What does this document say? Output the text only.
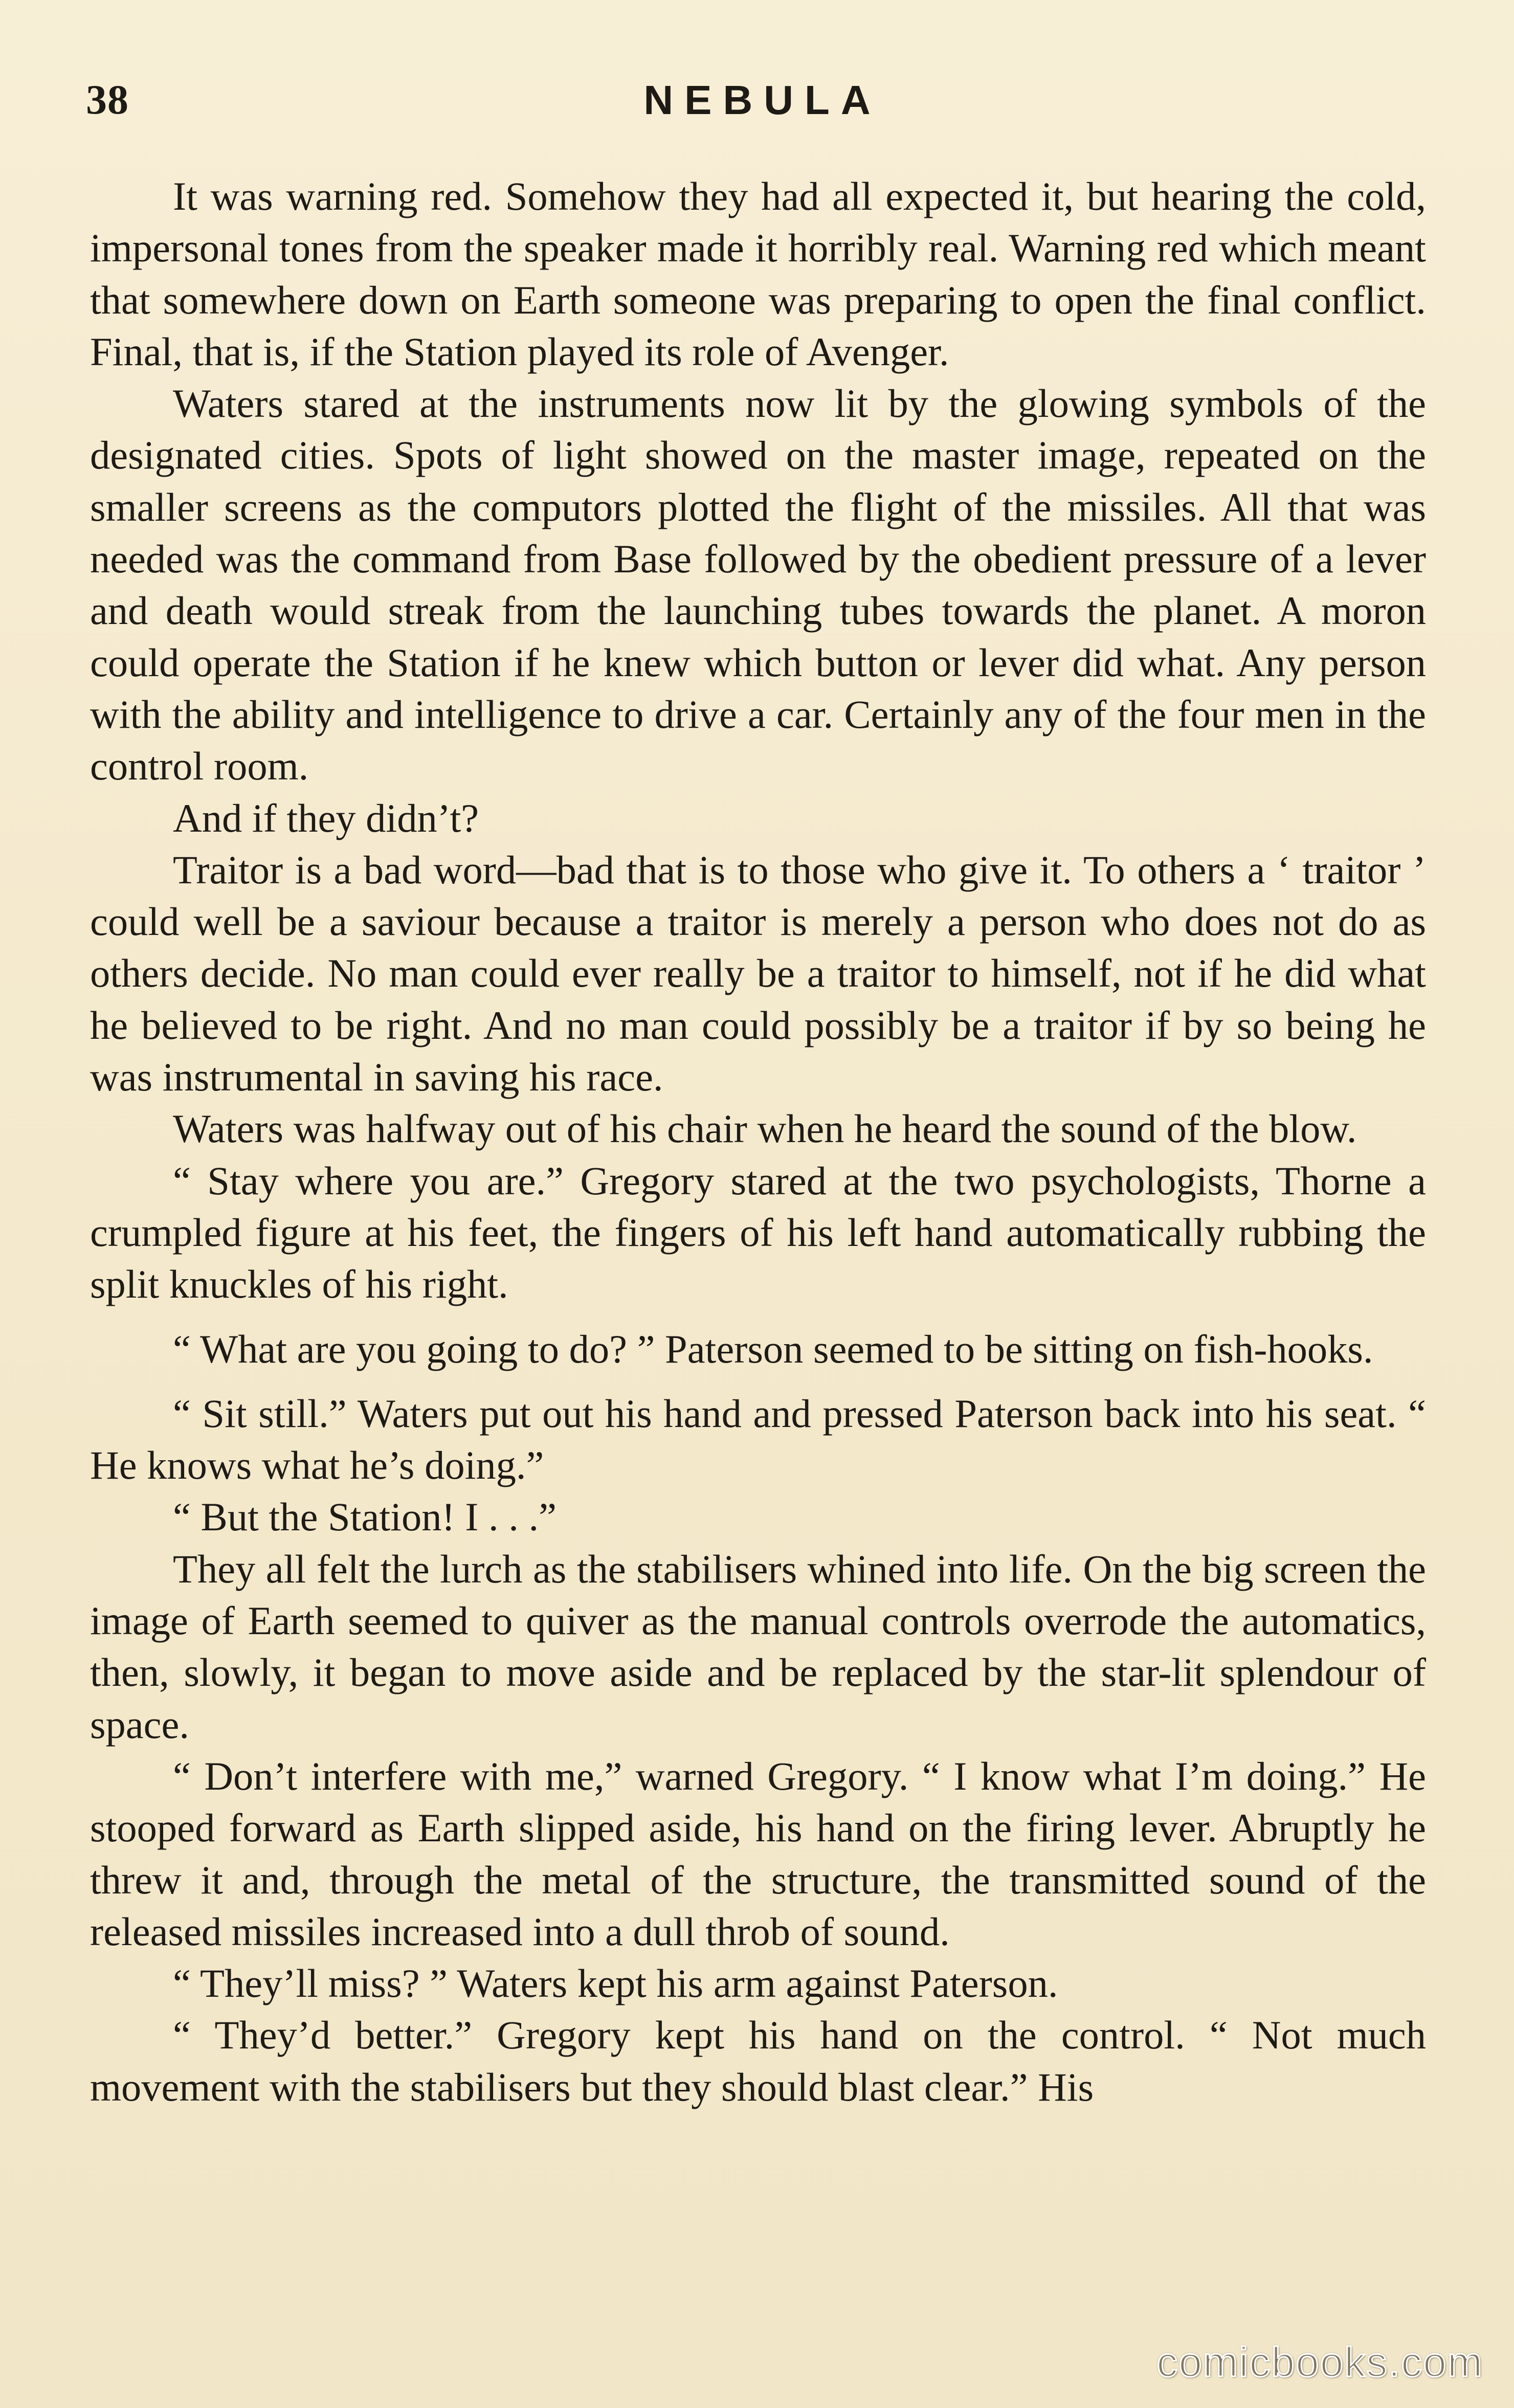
38	NEBULA

It was warning red. Somehow they had all expected it, but hearing the cold, impersonal tones from the speaker made it horribly real. Warning red which meant that somewhere down on Earth someone was preparing to open the final conflict. Final, that is, if the Station played its role of Avenger.

Waters stared at the instruments now lit by the glowing symbols of the designated cities. Spots of light showed on the master image, repeated on the smaller screens as the computors plotted the flight of the missiles. All that was needed was the command from Base followed by the obedient pressure of a lever and death would streak from the launching tubes towards the planet. A moron could operate the Station if he knew which button or lever did what. Any person with the ability and intelligence to drive a car. Certainly any of the four men in the control room.

And if they didn’t?

Traitor is a bad word—bad that is to those who give it. To others a ‘ traitor ’ could well be a saviour because a traitor is merely a person who does not do as others decide. No man could ever really be a traitor to himself, not if he did what he believed to be right. And no man could possibly be a traitor if by so being he was instrumental in saving his race.

Waters was halfway out of his chair when he heard the sound of the blow.

“ Stay where you are.” Gregory stared at the two psychologists, Thorne a crumpled figure at his feet, the fingers of his left hand automatically rubbing the split knuckles of his right.

“ What are you going to do? ” Paterson seemed to be sitting on fish-hooks.

“ Sit still.” Waters put out his hand and pressed Paterson back into his seat. “ He knows what he’s doing.”

“ But the Station! I . . .”

They all felt the lurch as the stabilisers whined into life. On the big screen the image of Earth seemed to quiver as the manual controls overrode the automatics, then, slowly, it began to move aside and be replaced by the star-lit splendour of space.

“ Don’t interfere with me,” warned Gregory. “ I know what I’m doing.” He stooped forward as Earth slipped aside, his hand on the firing lever. Abruptly he threw it and, through the metal of the structure, the transmitted sound of the released missiles increased into a dull throb of sound.

“ They’ll miss? ” Waters kept his arm against Paterson.

“ They’d better.” Gregory kept his hand on the control. “ Not much movement with the stabilisers but they should blast clear.” His

comicbooks.com
